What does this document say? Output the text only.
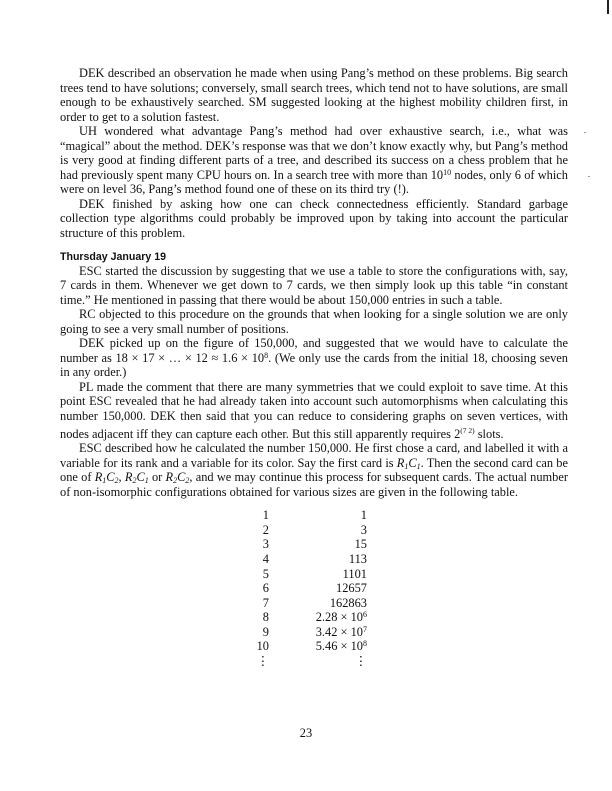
DEK described an observation he made when using Pang’s method on these problems. Big search trees tend to have solutions; conversely, small search trees, which tend not to have solutions, are small enough to be exhaustively searched. SM suggested looking at the highest mobility children first, in order to get to a solution fastest.

UH wondered what advantage Pang’s method had over exhaustive search, i.e., what was “magical” about the method. DEK’s response was that we don’t know exactly why, but Pang’s method is very good at finding different parts of a tree, and described its success on a chess problem that he had previously spent many CPU hours on. In a search tree with more than $10^{10}$ nodes, only 6 of which were on level 36, Pang’s method found one of these on its third try (!).

DEK finished by asking how one can check connectedness efficiently. Standard garbage collection type algorithms could probably be improved upon by taking into account the particular structure of this problem.

Thursday January 19

ESC started the discussion by suggesting that we use a table to store the configurations with, say, 7 cards in them. Whenever we get down to 7 cards, we then simply look up this table “in constant time.” He mentioned in passing that there would be about 150,000 entries in such a table.

RC objected to this procedure on the grounds that when looking for a single solution we are only going to see a very small number of positions.

DEK picked up on the figure of 150,000, and suggested that we would have to calculate the number as 18 × 17 × … × $12 \approx 1.6 \times 10^8$. (We only use the cards from the initial 18, choosing seven in any order.)

PL made the comment that there are many symmetries that we could exploit to save time. At this point ESC revealed that he had already taken into account such automorphisms when calculating this number 150,000. DEK then said that you can reduce to considering graphs on seven vertices, with nodes adjacent iff they can capture each other. But this still apparently requires $2^{(7 2)}$ slots.

ESC described how he calculated the number 150,000. He first chose a card, and labelled it with a variable for its rank and a variable for its color. Say the first card is $R_1C_1$. Then the second card can be one of $R_1C_2$, $R_2C_1$ or $R_2C_2$, and we may continue this process for subsequent cards. The actual number of non-isomorphic configurations obtained for various sizes are given in the following table.

1	1
2	3
3	15
4	113
5	1101
6	12657
7	162863
8	$2.28 \times 10^6$
9	$3.42 \times 10^7$
10	$5.46 \times 10^8$
⋮	⋮
23
